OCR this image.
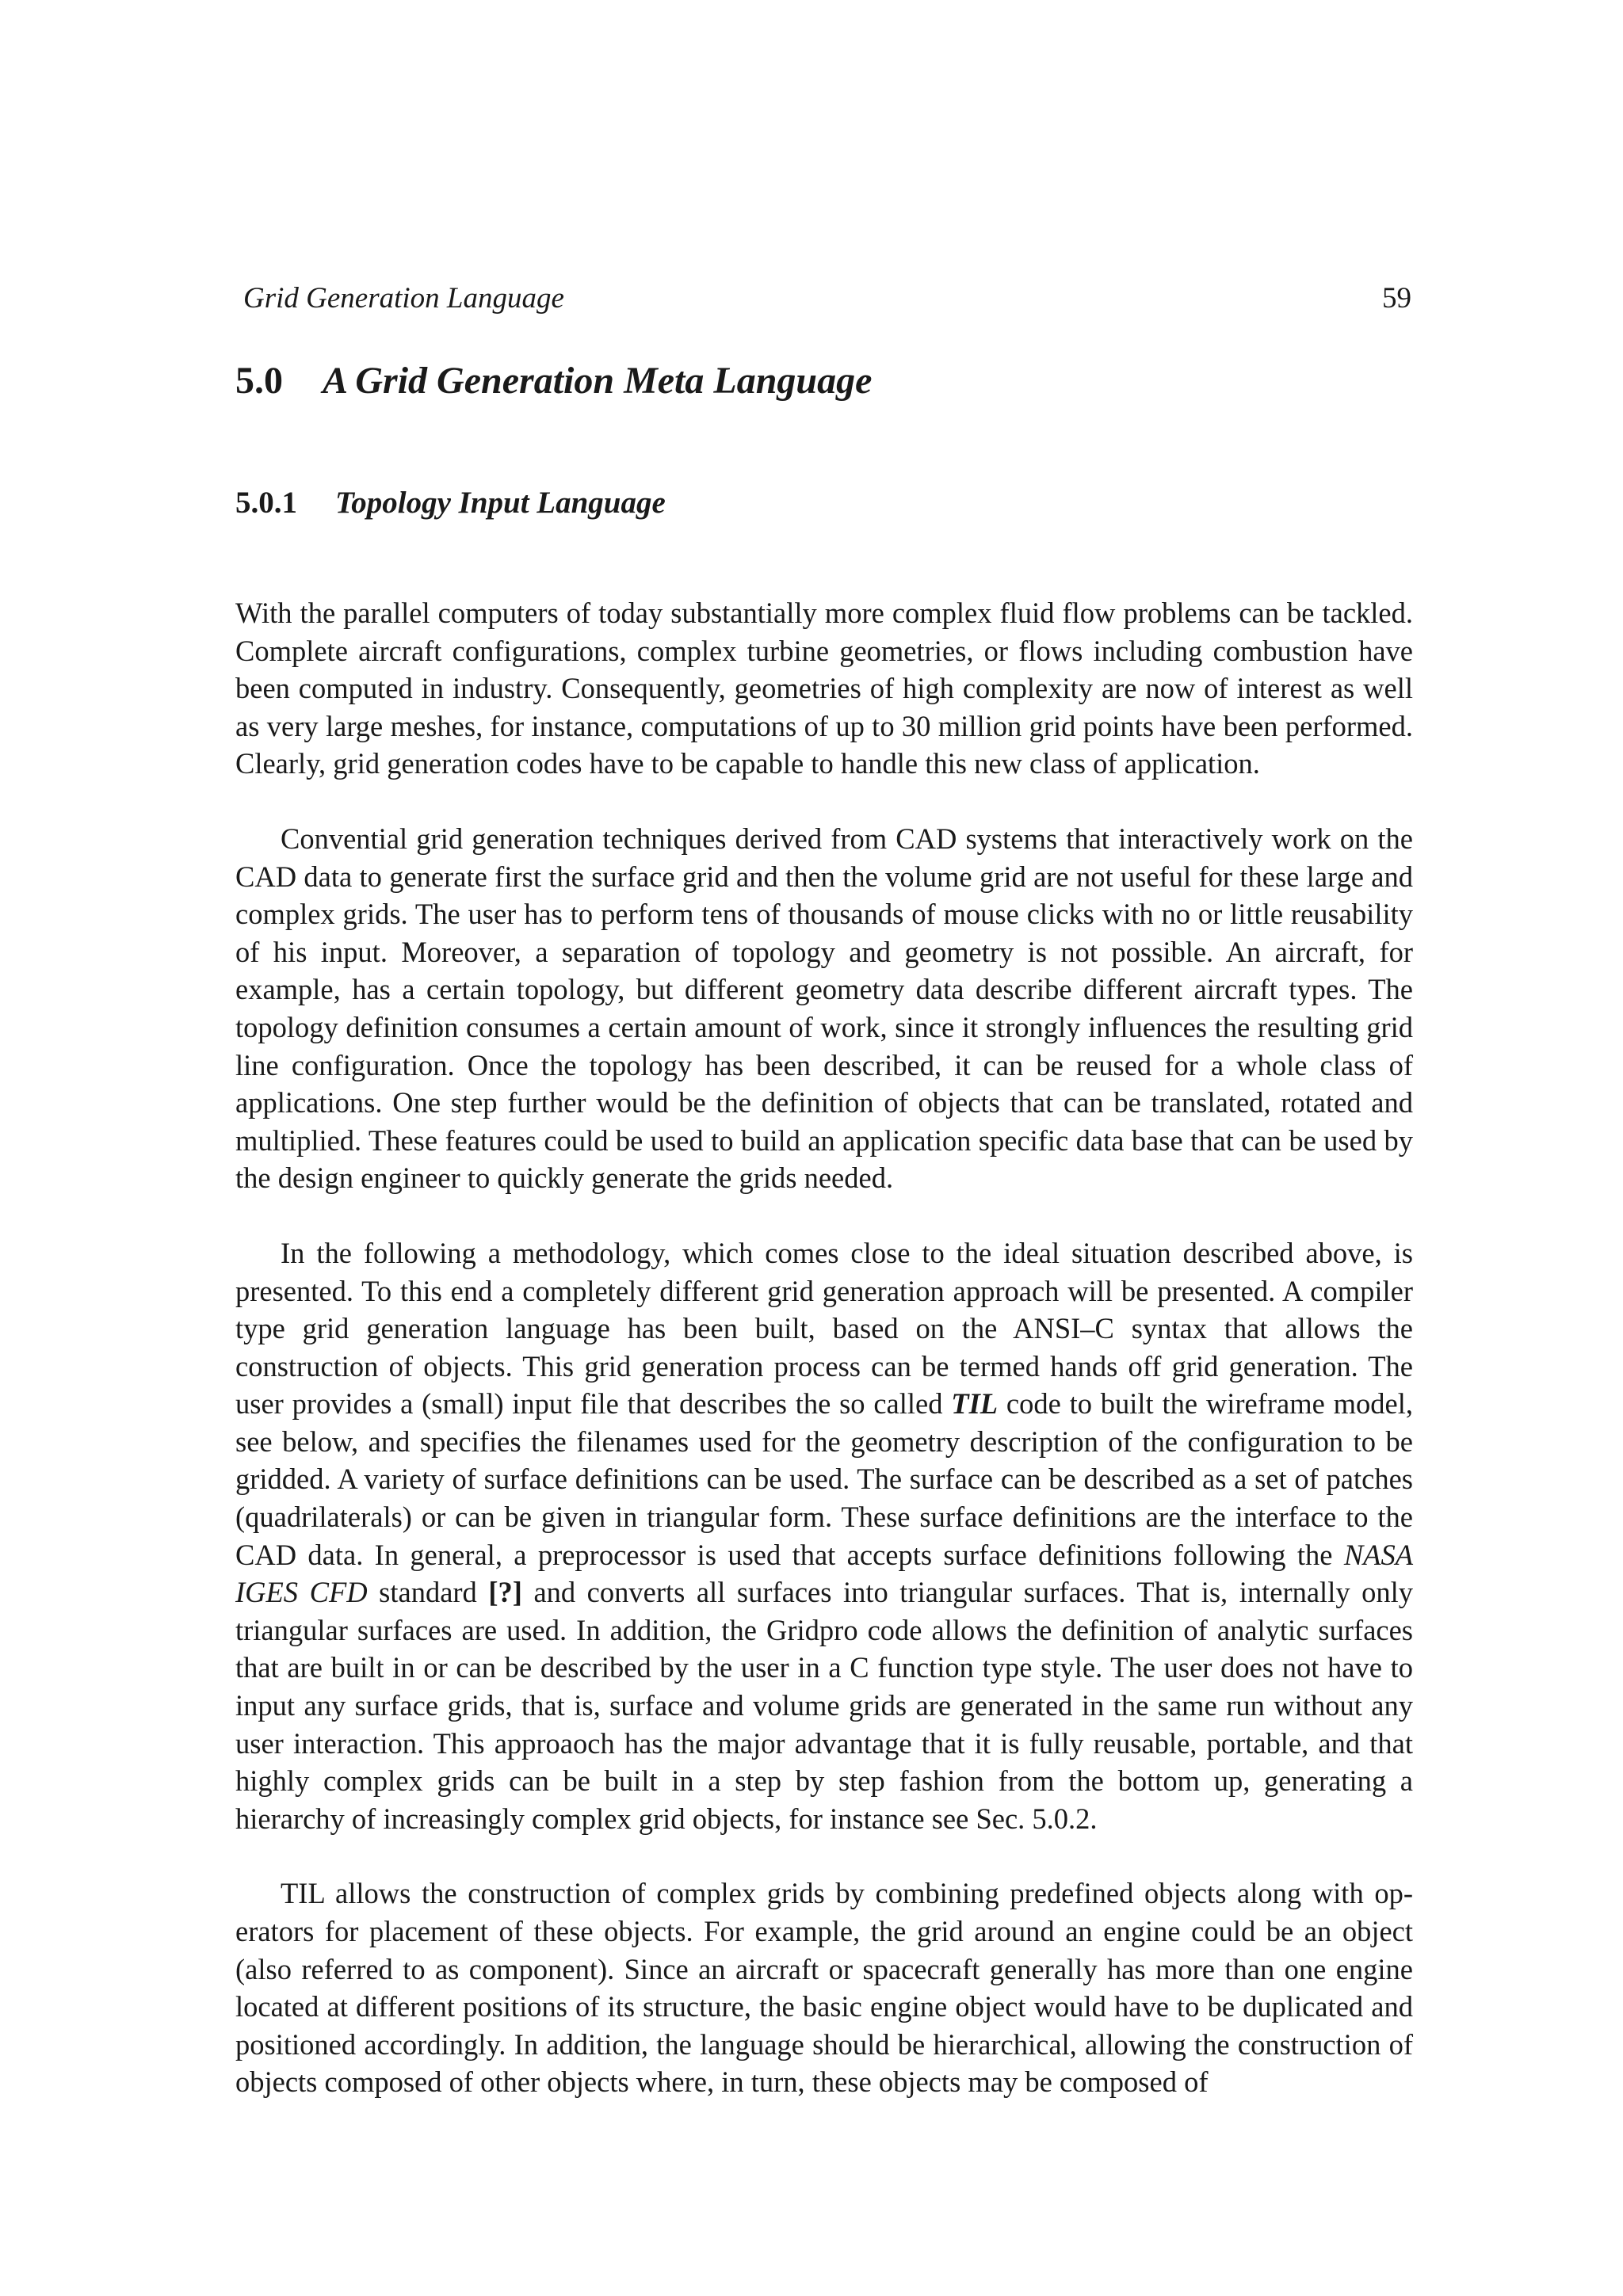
Grid Generation Language	59
5.0 A Grid Generation Meta Language
5.0.1 Topology Input Language

With the parallel computers of today substantially more complex fluid flow problems can be tackled. Complete aircraft configurations, complex turbine geometries, or flows including combustion have been computed in industry. Consequently, geometries of high complexity are now of interest as well as very large meshes, for instance, computations of up to 30 million grid points have been performed. Clearly, grid generation codes have to be capable to handle this new class of application.

Convential grid generation techniques derived from CAD systems that interactively work on the CAD data to generate first the surface grid and then the volume grid are not useful for these large and complex grids. The user has to perform tens of thousands of mouse clicks with no or little reusability of his input. Moreover, a separation of topology and geometry is not possible. An aircraft, for example, has a certain topology, but different geometry data describe different aircraft types. The topology definition consumes a certain amount of work, since it strongly influences the resulting grid line configuration. Once the topology has been described, it can be reused for a whole class of applications. One step further would be the definition of objects that can be translated, rotated and multiplied. These features could be used to build an application specific data base that can be used by the design engineer to quickly generate the grids needed.

In the following a methodology, which comes close to the ideal situation described above, is presented. To this end a completely different grid generation approach will be presented. A compiler type grid generation language has been built, based on the ANSI–C syntax that allows the construction of objects. This grid generation process can be termed hands off grid generation. The user provides a (small) input file that describes the so called TIL code to built the wireframe model, see below, and specifies the filenames used for the geometry description of the configuration to be gridded. A variety of surface definitions can be used. The surface can be described as a set of patches (quadrilaterals) or can be given in triangular form. These surface definitions are the interface to the CAD data. In general, a preprocessor is used that accepts surface definitions following the NASA IGES CFD standard [?] and converts all surfaces into triangular surfaces. That is, internally only triangular surfaces are used. In addition, the Gridpro code allows the definition of analytic surfaces that are built in or can be described by the user in a C function type style. The user does not have to input any surface grids, that is, surface and volume grids are generated in the same run without any user interaction. This approaoch has the major advantage that it is fully reusable, portable, and that highly complex grids can be built in a step by step fashion from the bottom up, generating a hierarchy of increasingly complex grid objects, for instance see Sec. 5.0.2.

TIL allows the construction of complex grids by combining predefined objects along with operators for placement of these objects. For example, the grid around an engine could be an object (also referred to as component). Since an aircraft or spacecraft generally has more than one engine located at different positions of its structure, the basic engine object would have to be duplicated and positioned accordingly. In addition, the language should be hierarchical, allowing the construction of objects composed of other objects where, in turn, these objects may be composed of
